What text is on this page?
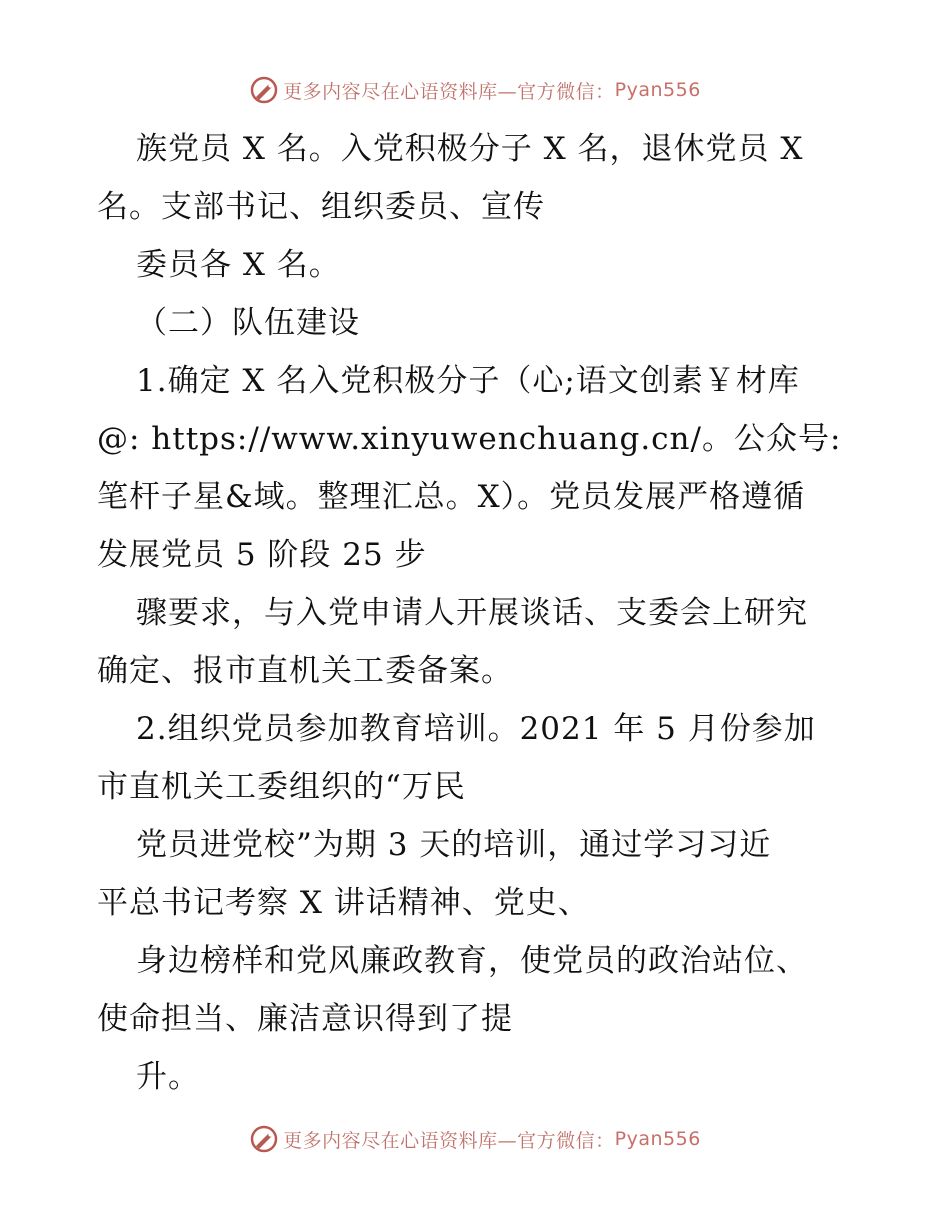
更多内容尽在心语资料库—官方微信： Pyan556
族党员 X 名。入党积极分子 X 名，退休党员 X
名。支部书记、组织委员、宣传
委员各 X 名。
（二）队伍建设
1.确定 X 名入党积极分子（心;语文创素￥材库
@: https://www.xinyuwenchuang.cn/。公众号:
笔杆子星&域。整理汇总。X）。党员发展严格遵循
发展党员 5 阶段 25 步
骤要求，与入党申请人开展谈话、支委会上研究
确定、报市直机关工委备案。
2.组织党员参加教育培训。2021 年 5 月份参加
市直机关工委组织的“万民
党员进党校”为期 3 天的培训，通过学习习近
平总书记考察 X 讲话精神、党史、
身边榜样和党风廉政教育，使党员的政治站位、
使命担当、廉洁意识得到了提
升。
更多内容尽在心语资料库—官方微信： Pyan556
